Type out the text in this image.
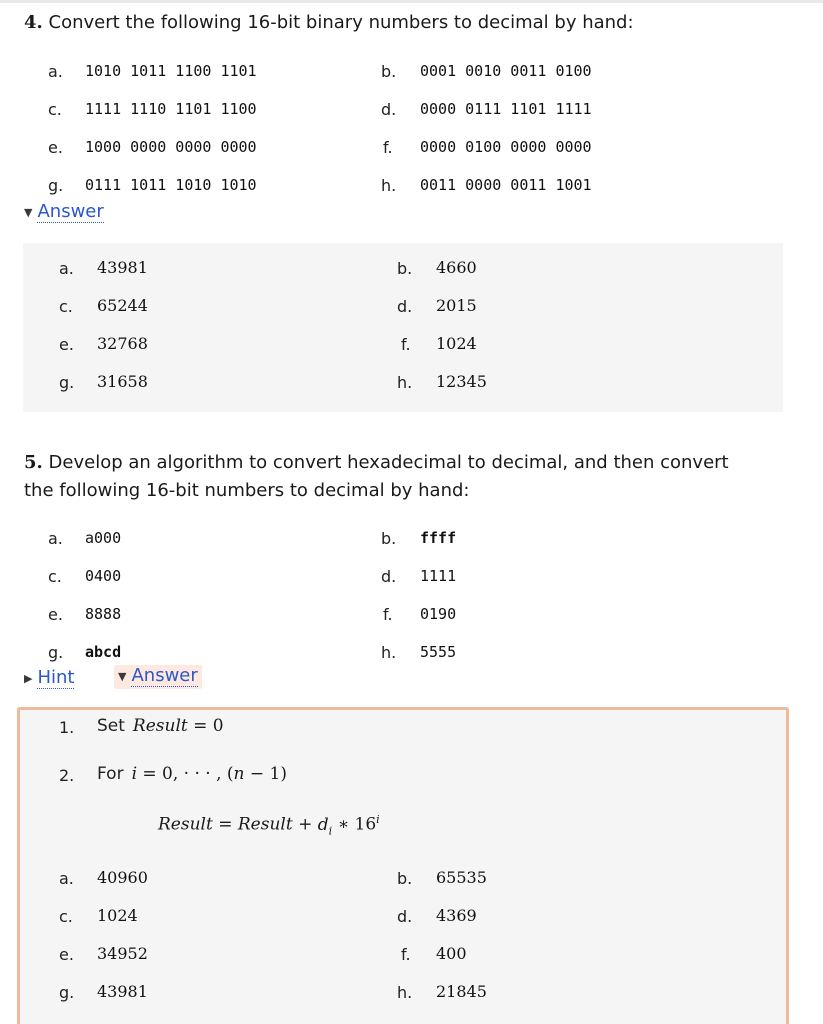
4. Convert the following 16-bit binary numbers to decimal by hand:
a. 1010 1011 1100 1101	b. 0001 0010 0011 0100
c. 1111 1110 1101 1100	d. 0000 0111 1101 1111
e. 1000 0000 0000 0000	f. 0000 0100 0000 0000
g. 0111 1011 1010 1010	h. 0011 0000 0011 1001
▼ Answer
a. 43981	b. 4660
c. 65244	d. 2015
e. 32768	f. 1024
g. 31658	h. 12345
5. Develop an algorithm to convert hexadecimal to decimal, and then convert
the following 16-bit numbers to decimal by hand:
a. a000	b. ffff
c. 0400	d. 1111
e. 8888	f. 0190
g. abcd	h. 5555
▶ Hint	▼ Answer
1. Set Result = 0
2. For i = 0, · · · , (n − 1)
Result = Result + $d_i$ ∗ 16$^i$
a. 40960	b. 65535
c. 1024	d. 4369
e. 34952	f. 400
g. 43981	h. 21845
